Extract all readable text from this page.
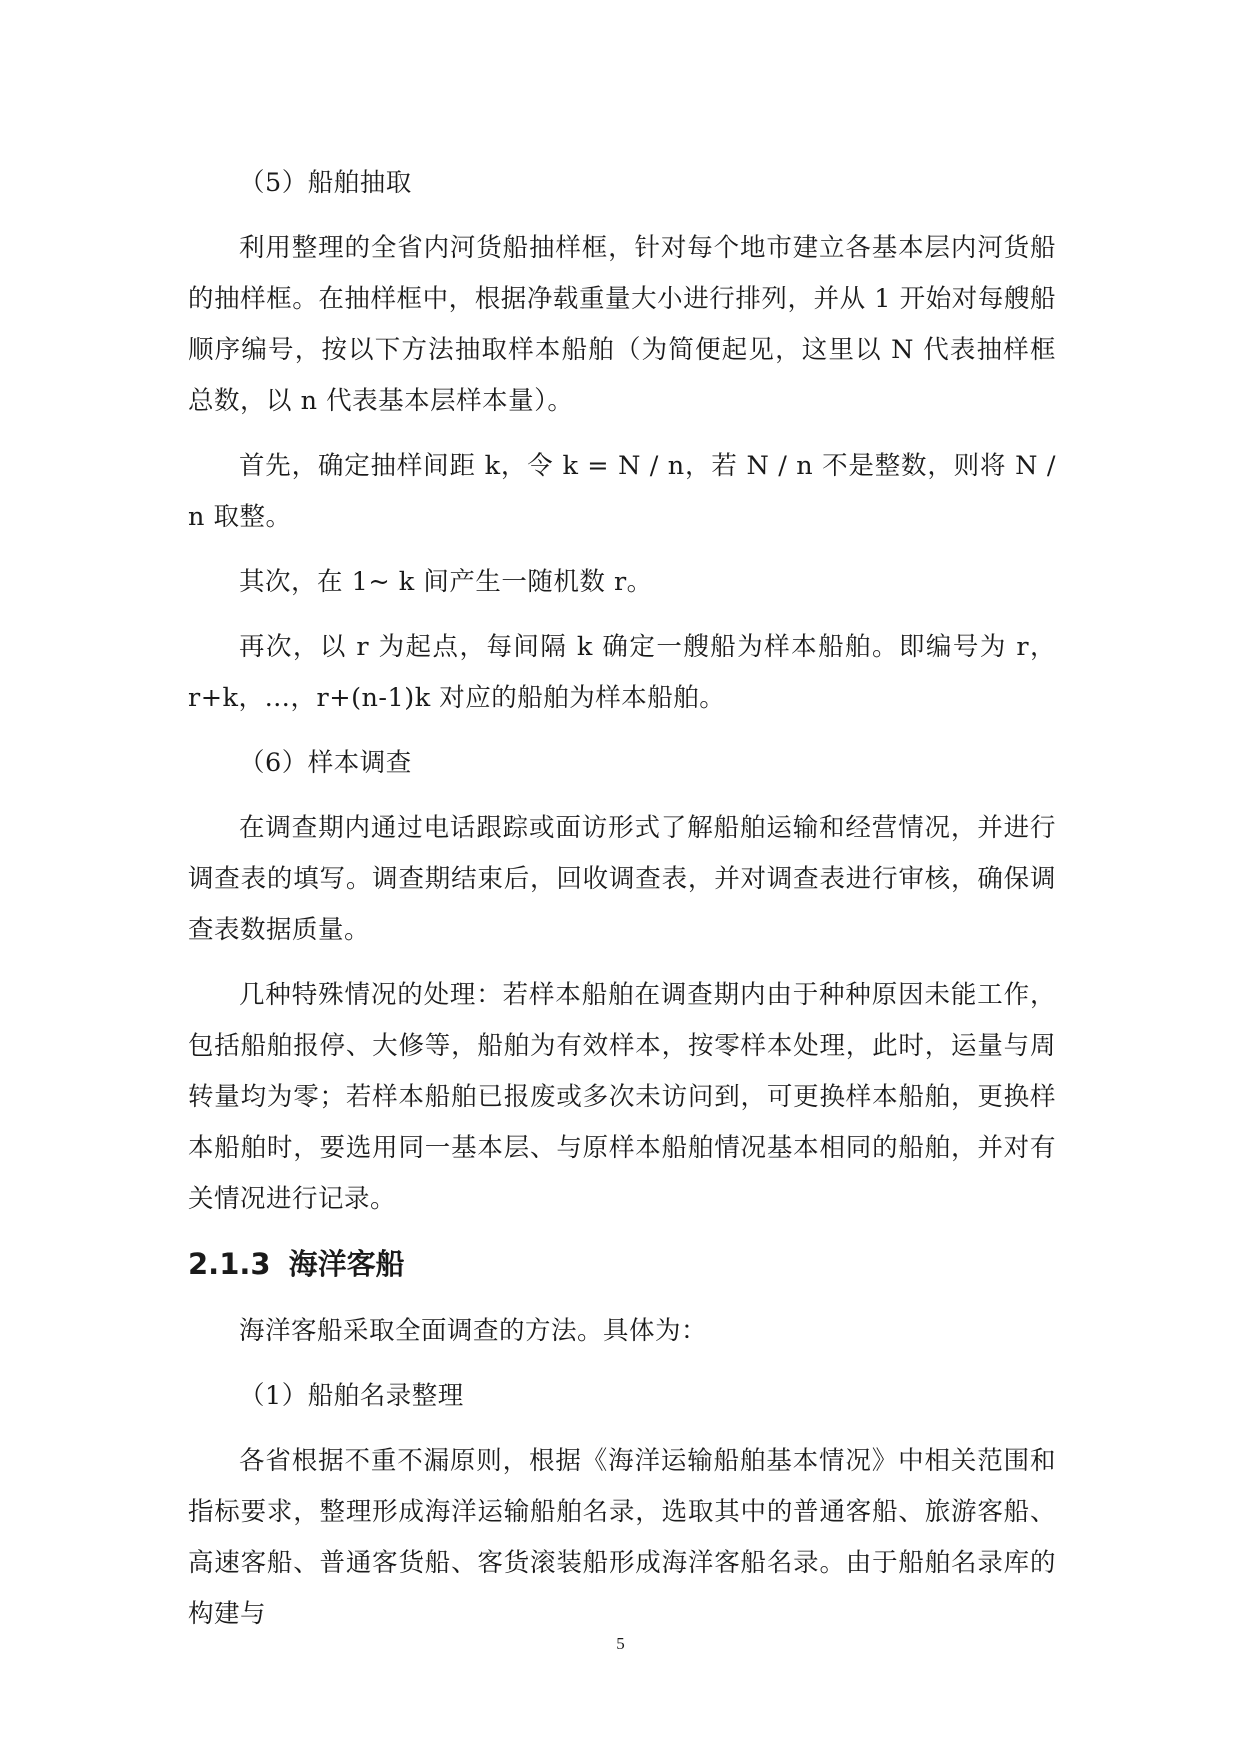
（5）船舶抽取

利用整理的全省内河货船抽样框，针对每个地市建立各基本层内河货船的抽样框。在抽样框中，根据净载重量大小进行排列，并从 1 开始对每艘船顺序编号，按以下方法抽取样本船舶（为简便起见，这里以 N 代表抽样框总数，以 n 代表基本层样本量）。

首先，确定抽样间距 k，令 k = N / n，若 N / n 不是整数，则将 N / n 取整。

其次，在 1~ k 间产生一随机数 r。

再次，以 r 为起点，每间隔 k 确定一艘船为样本船舶。即编号为 r，r+k，…，r+(n-1)k 对应的船舶为样本船舶。

（6）样本调查

在调查期内通过电话跟踪或面访形式了解船舶运输和经营情况，并进行调查表的填写。调查期结束后，回收调查表，并对调查表进行审核，确保调查表数据质量。

几种特殊情况的处理：若样本船舶在调查期内由于种种原因未能工作，包括船舶报停、大修等，船舶为有效样本，按零样本处理，此时，运量与周转量均为零；若样本船舶已报废或多次未访问到，可更换样本船舶，更换样本船舶时，要选用同一基本层、与原样本船舶情况基本相同的船舶，并对有关情况进行记录。

2.1.3 海洋客船

海洋客船采取全面调查的方法。具体为：

（1）船舶名录整理

各省根据不重不漏原则，根据《海洋运输船舶基本情况》中相关范围和指标要求，整理形成海洋运输船舶名录，选取其中的普通客船、旅游客船、高速客船、普通客货船、客货滚装船形成海洋客船名录。由于船舶名录库的构建与

5
